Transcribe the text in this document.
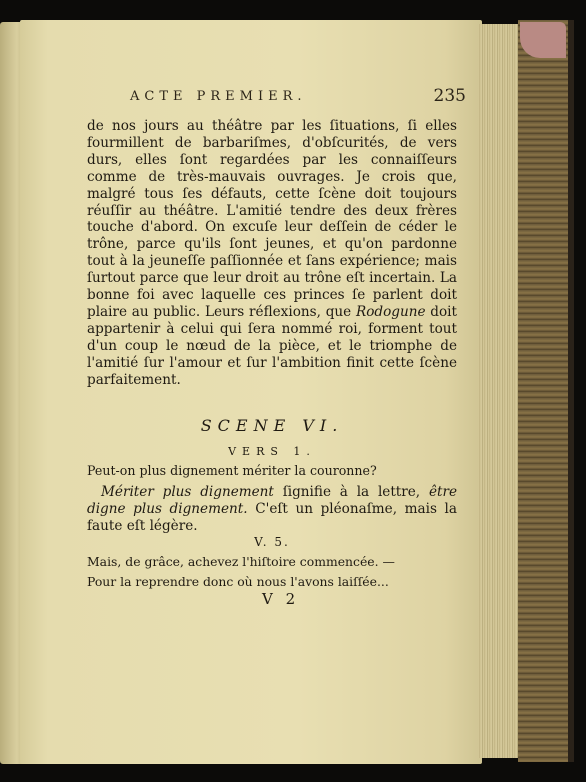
ACTE PREMIER.	235
de nos jours au théâtre par les ſituations, ſi elles fourmillent de barbariſmes, d'obſcurités, de vers durs, elles ſont regardées par les connaiſſeurs comme de très-mauvais ouvrages. Je crois que, malgré tous ſes défauts, cette ſcène doit toujours réuſſir au théâtre. L'amitié tendre des deux frères touche d'abord. On excuſe leur deſſein de céder le trône, parce qu'ils ſont jeunes, et qu'on pardonne tout à la jeuneſſe paſſionnée et ſans expérience; mais ſurtout parce que leur droit au trône eſt incertain. La bonne foi avec laquelle ces princes ſe parlent doit plaire au public. Leurs réflexions, que Rodogune doit appartenir à celui qui ſera nommé roi, forment tout d'un coup le nœud de la pièce, et le triomphe de l'amitié ſur l'amour et ſur l'ambition finit cette ſcène parfaitement.
SCENE VI.
VERS 1.
Peut-on plus dignement mériter la couronne?
Mériter plus dignement ſignifie à la lettre, être digne plus dignement. C'eſt un pléonaſme, mais la faute eſt légère.
V. 5.
Mais, de grâce, achevez l'hiſtoire commencée. —
Pour la reprendre donc où nous l'avons laiſſée...
V 2
